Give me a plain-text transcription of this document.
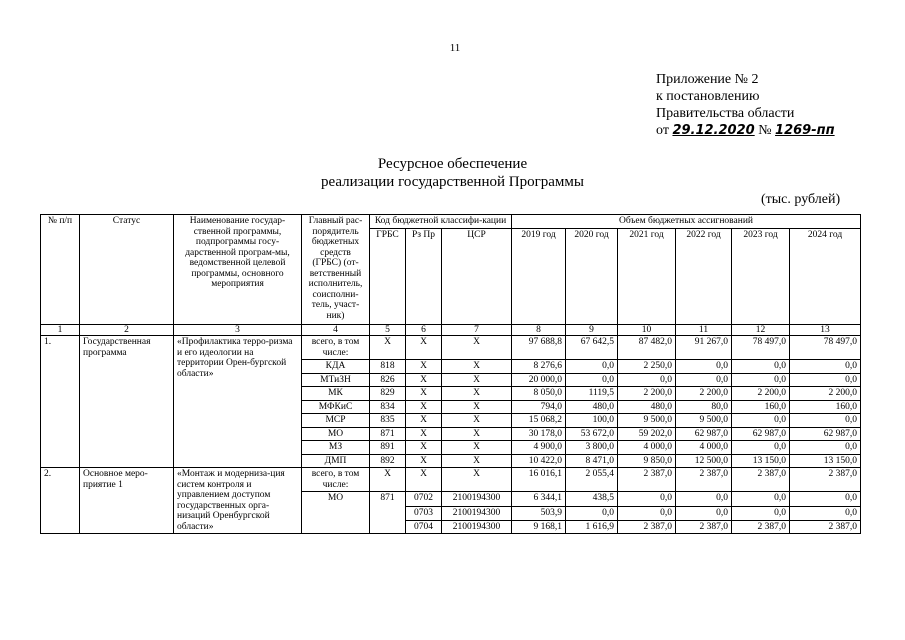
11
Приложение № 2
к постановлению
Правительства области
от 29.12.2020 № 1269-пп
Ресурсное обеспечение
реализации государственной Программы
(тыс. рублей)
№ п/п	Статус	Наименование государ-ственной программы, подпрограммы госу-дарственной програм-мы, ведомственной целевой программы, основного мероприятия	Главный рас-порядитель бюджетных средств (ГРБС) (от-ветственный исполнитель, соисполни-тель, участ-ник)	Код бюджетной классифи-кации			Объем бюджетных ассигнований					
				ГРБС	Рз Пр	ЦСР	2019 год	2020 год	2021 год	2022 год	2023 год	2024 год
1	2	3	4	5	6	7	8	9	10	11	12	13
1.	Государственная программа	«Профилактика терро-ризма и его идеологии на территории Орен-бургской области»	всего, в том числе:	Х	Х	Х	97 688,8	67 642,5	87 482,0	91 267,0	78 497,0	78 497,0
			КДА	818	Х	Х	8 276,6	0,0	2 250,0	0,0	0,0	0,0
			МТиЗН	826	Х	Х	20 000,0	0,0	0,0	0,0	0,0	0,0
			МК	829	Х	Х	8 050,0	1119,5	2 200,0	2 200,0	2 200,0	2 200,0
			МФКиС	834	Х	Х	794,0	480,0	480,0	80,0	160,0	160,0
			МСР	835	Х	Х	15 068,2	100,0	9 500,0	9 500,0	0,0	0,0
			МО	871	Х	Х	30 178,0	53 672,0	59 202,0	62 987,0	62 987,0	62 987,0
			МЗ	891	Х	Х	4 900,0	3 800,0	4 000,0	4 000,0	0,0	0,0
			ДМП	892	Х	Х	10 422,0	8 471,0	9 850,0	12 500,0	13 150,0	13 150,0
2.	Основное меро-приятие 1	«Монтаж и модерниза-ция систем контроля и управлением доступом государственных орга-низаций Оренбургской области»	всего, в том числе:	Х	Х	Х	16 016,1	2 055,4	2 387,0	2 387,0	2 387,0	2 387,0
			МО	871	0702	2100194300	6 344,1	438,5	0,0	0,0	0,0	0,0
					0703	2100194300	503,9	0,0	0,0	0,0	0,0	0,0
					0704	2100194300	9 168,1	1 616,9	2 387,0	2 387,0	2 387,0	2 387,0
